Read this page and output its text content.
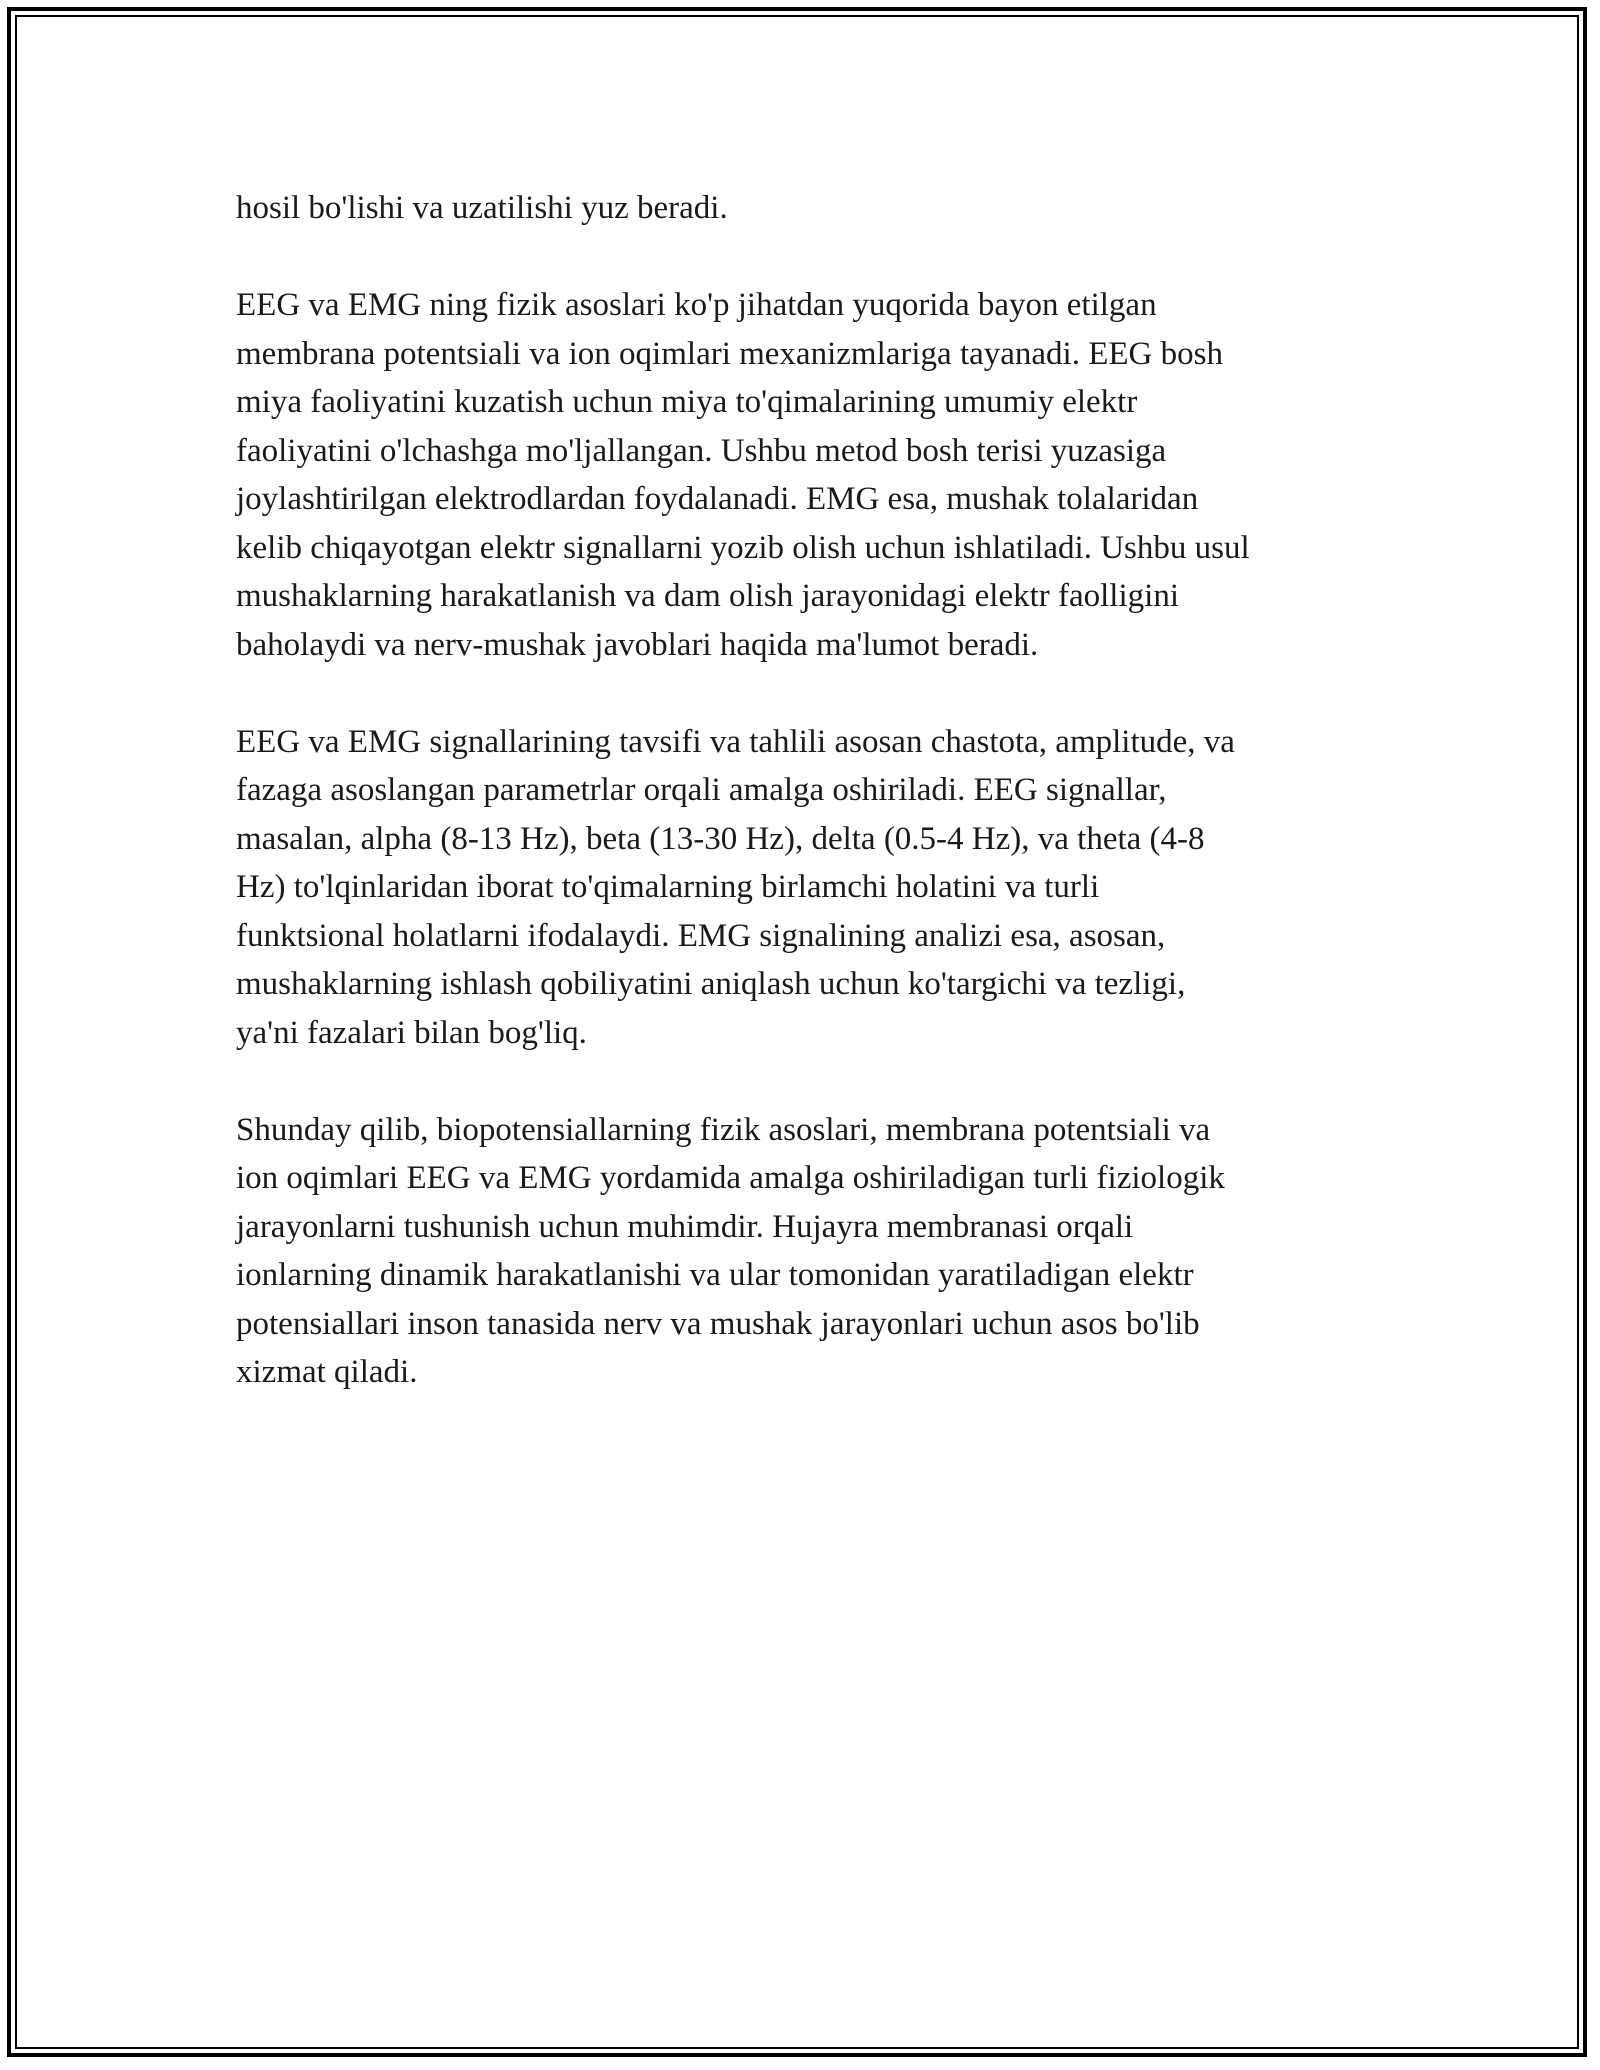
hosil bo'lishi va uzatilishi yuz beradi.

EEG va EMG ning fizik asoslari ko'p jihatdan yuqorida bayon etilgan
membrana potentsiali va ion oqimlari mexanizmlariga tayanadi. EEG bosh
miya faoliyatini kuzatish uchun miya to'qimalarining umumiy elektr
faoliyatini o'lchashga mo'ljallangan. Ushbu metod bosh terisi yuzasiga
joylashtirilgan elektrodlardan foydalanadi. EMG esa, mushak tolalaridan
kelib chiqayotgan elektr signallarni yozib olish uchun ishlatiladi. Ushbu usul
mushaklarning harakatlanish va dam olish jarayonidagi elektr faolligini
baholaydi va nerv-mushak javoblari haqida ma'lumot beradi.

EEG va EMG signallarining tavsifi va tahlili asosan chastota, amplitude, va
fazaga asoslangan parametrlar orqali amalga oshiriladi. EEG signallar,
masalan, alpha (8-13 Hz), beta (13-30 Hz), delta (0.5-4 Hz), va theta (4-8
Hz) to'lqinlaridan iborat to'qimalarning birlamchi holatini va turli
funktsional holatlarni ifodalaydi. EMG signalining analizi esa, asosan,
mushaklarning ishlash qobiliyatini aniqlash uchun ko'targichi va tezligi,
ya'ni fazalari bilan bog'liq.

Shunday qilib, biopotensiallarning fizik asoslari, membrana potentsiali va
ion oqimlari EEG va EMG yordamida amalga oshiriladigan turli fiziologik
jarayonlarni tushunish uchun muhimdir. Hujayra membranasi orqali
ionlarning dinamik harakatlanishi va ular tomonidan yaratiladigan elektr
potensiallari inson tanasida nerv va mushak jarayonlari uchun asos bo'lib
xizmat qiladi.
